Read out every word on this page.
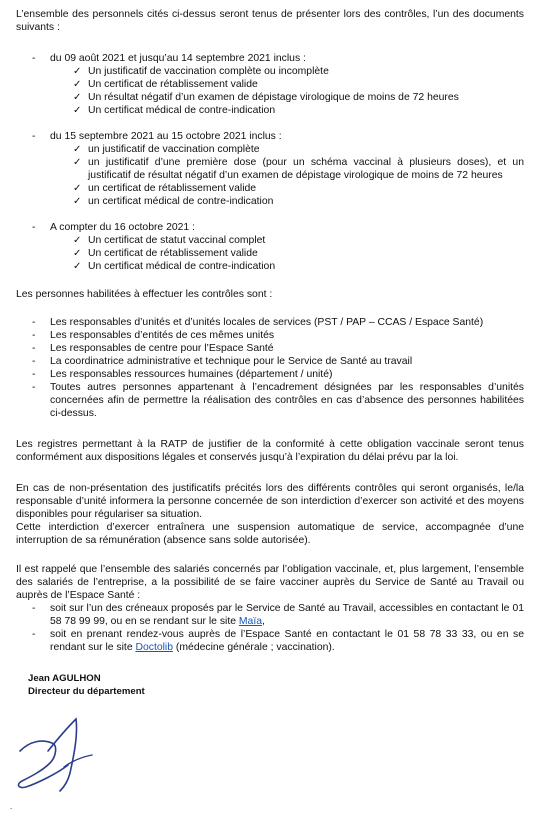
L’ensemble des personnels cités ci-dessus seront tenus de présenter lors des contrôles, l’un des documents suivants :

- du 09 août 2021 et jusqu’au 14 septembre 2021 inclus :
✓ Un justificatif de vaccination complète ou incomplète
✓ Un certificat de rétablissement valide
✓ Un résultat négatif d’un examen de dépistage virologique de moins de 72 heures
✓ Un certificat médical de contre-indication
- du 15 septembre 2021 au 15 octobre 2021 inclus :
✓ un justificatif de vaccination complète
✓ un justificatif d’une première dose (pour un schéma vaccinal à plusieurs doses), et un justificatif de résultat négatif d’un examen de dépistage virologique de moins de 72 heures
✓ un certificat de rétablissement valide
✓ un certificat médical de contre-indication
- A compter du 16 octobre 2021 :
✓ Un certificat de statut vaccinal complet
✓ Un certificat de rétablissement valide
✓ Un certificat médical de contre-indication

Les personnes habilitées à effectuer les contrôles sont :

- Les responsables d’unités et d’unités locales de services (PST / PAP – CCAS / Espace Santé)
- Les responsables d’entités de ces mêmes unités
- Les responsables de centre pour l’Espace Santé
- La coordinatrice administrative et technique pour le Service de Santé au travail
- Les responsables ressources humaines (département / unité)
- Toutes autres personnes appartenant à l’encadrement désignées par les responsables d’unités concernées afin de permettre la réalisation des contrôles en cas d’absence des personnes habilitées ci-dessus.

Les registres permettant à la RATP de justifier de la conformité à cette obligation vaccinale seront tenus conformément aux dispositions légales et conservés jusqu’à l’expiration du délai prévu par la loi.

En cas de non-présentation des justificatifs précités lors des différents contrôles qui seront organisés, le/la responsable d’unité informera la personne concernée de son interdiction d’exercer son activité et des moyens disponibles pour régulariser sa situation.

Cette interdiction d’exercer entraînera une suspension automatique de service, accompagnée d’une interruption de sa rémunération (absence sans solde autorisée).

Il est rappelé que l’ensemble des salariés concernés par l’obligation vaccinale, et, plus largement, l’ensemble des salariés de l’entreprise, a la possibilité de se faire vacciner auprès du Service de Santé au Travail ou auprès de l’Espace Santé :

- soit sur l’un des créneaux proposés par le Service de Santé au Travail, accessibles en contactant le 01 58 78 99 99, ou en se rendant sur le site Maïa,
- soit en prenant rendez-vous auprès de l’Espace Santé en contactant le 01 58 78 33 33, ou en se rendant sur le site Doctolib (médecine générale ; vaccination).

Jean AGULHON

Directeur du département

.
